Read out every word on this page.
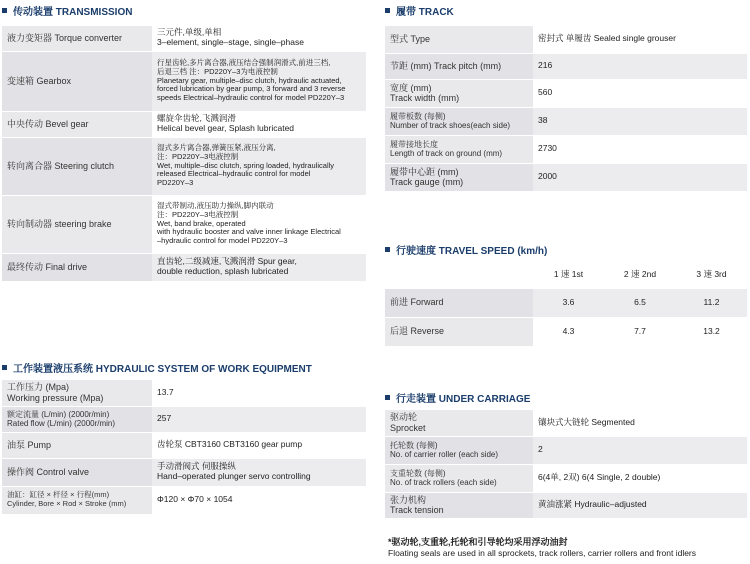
传动装置 TRANSMISSION
液力变矩器 Torque converter	三元件,单级,单相
3–element, single–stage, single–phase

变速箱 Gearbox	行星齿轮,多片离合器,液压结合强制润滑式,前进三档,
后退三档 注：PD220Y–3为电液控制
Planetary gear, multiple–disc clutch, hydraulic actuated,
forced lubrication by gear pump, 3 forward and 3 reverse
speeds Electrical–hydraulic control for model PD220Y–3

中央传动 Bevel gear	螺旋伞齿轮,飞溅润滑
Helical bevel gear, Splash lubricated

转向离合器 Steering clutch	湿式多片离合器,弹簧压紧,液压分离,
注：PD220Y–3电液控制
Wet, multiple–disc clutch, spring loaded, hydraulically
released Electrical–hydraulic control for model
PD220Y–3

转向制动器 steering brake	湿式带制动,液压助力操纵,脚内联动
注：PD220Y–3电液控制
Wet, band brake, operated
with hydraulic booster and valve inner linkage Electrical
–hydraulic control for model PD220Y–3

最终传动 Final drive	直齿轮,二级减速,飞溅润滑 Spur gear,
double reduction, splash lubricated
工作装置液压系统 HYDRAULIC SYSTEM OF WORK EQUIPMENT
工作压力 (Mpa)
Working pressure (Mpa)	13.7

额定流量 (L/min) (2000r/min)
Rated flow (L/min) (2000r/min)	257
油泵 Pump	齿轮泵 CBT3160 CBT3160 gear pump
操作阀 Control valve	手动滑阀式 伺服操纵
Hand–operated plunger servo controlling

油缸：缸径 × 杆径 × 行程(mm)
Cylinder, Bore × Rod × Stroke (mm)	Φ120 × Φ70 × 1054
履带 TRACK
型式 Type	密封式 单履齿 Sealed single grouser
节距 (mm) Track pitch (mm)	216

宽度 (mm)
Track width (mm)	560

履带板数 (每侧)
Number of track shoes(each side)	38

履带接地长度
Length of track on ground (mm)	2730

履带中心距 (mm)
Track gauge (mm)	2000
行驶速度 TRAVEL SPEED (km/h)
	1 速 1st	2 速 2nd	3 速 3rd
前进 Forward	3.6	6.5	11.2
后退 Reverse	4.3	7.7	13.2
行走装置 UNDER CARRIAGE
驱动轮
Sprocket	镶块式大链轮 Segmented

托轮数 (每侧)
No. of carrier roller (each side)	2

支重轮数 (每侧)
No. of track rollers (each side)	6(4单, 2双) 6(4 Single, 2 double)

张力机构
Track tension	黄油涨紧 Hydraulic–adjusted
*驱动轮,支重轮,托轮和引导轮均采用浮动油封
Floating seals are used in all sprockets, track rollers, carrier rollers and front idlers
